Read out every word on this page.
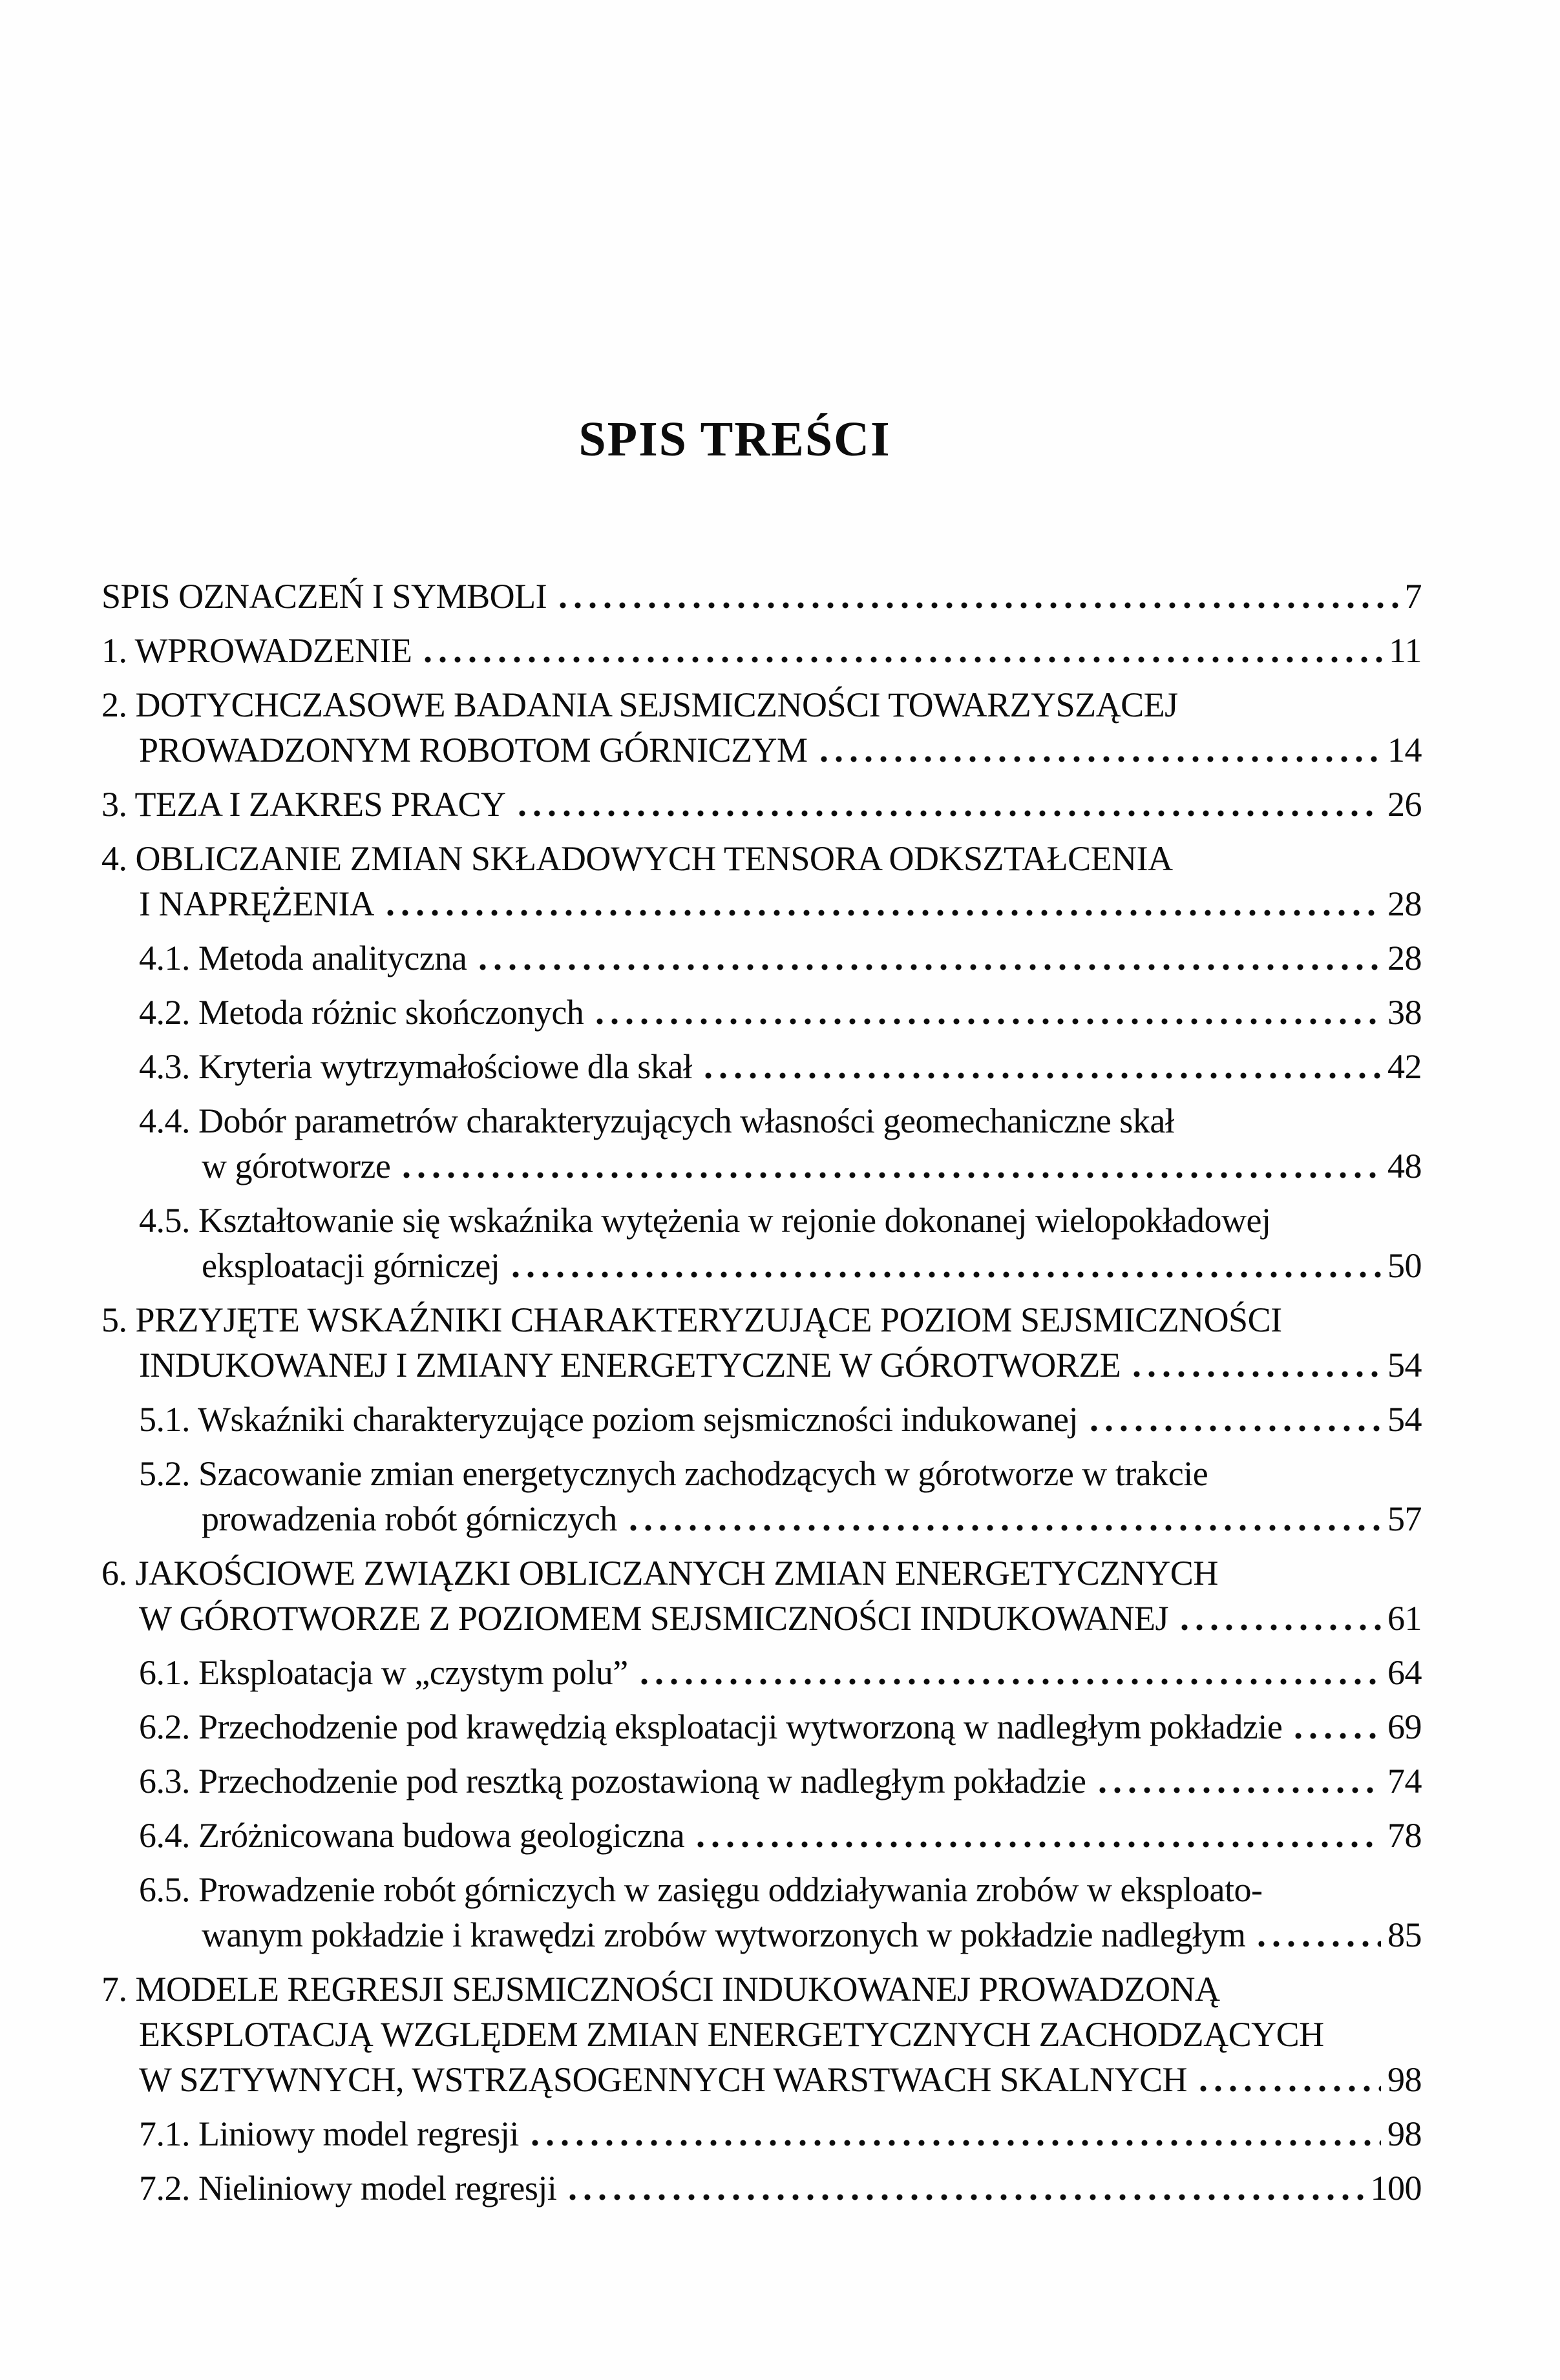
SPIS TREŚCI
SPIS OZNACZEŃ I SYMBOLI	7
1. WPROWADZENIE	11
2. DOTYCHCZASOWE BADANIA SEJSMICZNOŚCI TOWARZYSZĄCEJ
PROWADZONYM ROBOTOM GÓRNICZYM	14
3. TEZA I ZAKRES PRACY	26
4. OBLICZANIE ZMIAN SKŁADOWYCH TENSORA ODKSZTAŁCENIA
I NAPRĘŻENIA	28
4.1. Metoda analityczna	28
4.2. Metoda różnic skończonych	38
4.3. Kryteria wytrzymałościowe dla skał	42
4.4. Dobór parametrów charakteryzujących własności geomechaniczne skał
w górotworze	48
4.5. Kształtowanie się wskaźnika wytężenia w rejonie dokonanej wielopokładowej
eksploatacji górniczej	50
5. PRZYJĘTE WSKAŹNIKI CHARAKTERYZUJĄCE POZIOM SEJSMICZNOŚCI
INDUKOWANEJ I ZMIANY ENERGETYCZNE W GÓROTWORZE	54
5.1. Wskaźniki charakteryzujące poziom sejsmiczności indukowanej	54
5.2. Szacowanie zmian energetycznych zachodzących w górotworze w trakcie
prowadzenia robót górniczych	57
6. JAKOŚCIOWE ZWIĄZKI OBLICZANYCH ZMIAN ENERGETYCZNYCH
W GÓROTWORZE Z POZIOMEM SEJSMICZNOŚCI INDUKOWANEJ	61
6.1. Eksploatacja w „czystym polu”	64
6.2. Przechodzenie pod krawędzią eksploatacji wytworzoną w nadległym pokładzie	69
6.3. Przechodzenie pod resztką pozostawioną w nadległym pokładzie	74
6.4. Zróżnicowana budowa geologiczna	78
6.5. Prowadzenie robót górniczych w zasięgu oddziaływania zrobów w eksploato-
wanym pokładzie i krawędzi zrobów wytworzonych w pokładzie nadległym	85
7. MODELE REGRESJI SEJSMICZNOŚCI INDUKOWANEJ PROWADZONĄ
EKSPLOTACJĄ WZGLĘDEM ZMIAN ENERGETYCZNYCH ZACHODZĄCYCH
W SZTYWNYCH, WSTRZĄSOGENNYCH WARSTWACH SKALNYCH	98
7.1. Liniowy model regresji	98
7.2. Nieliniowy model regresji	100
